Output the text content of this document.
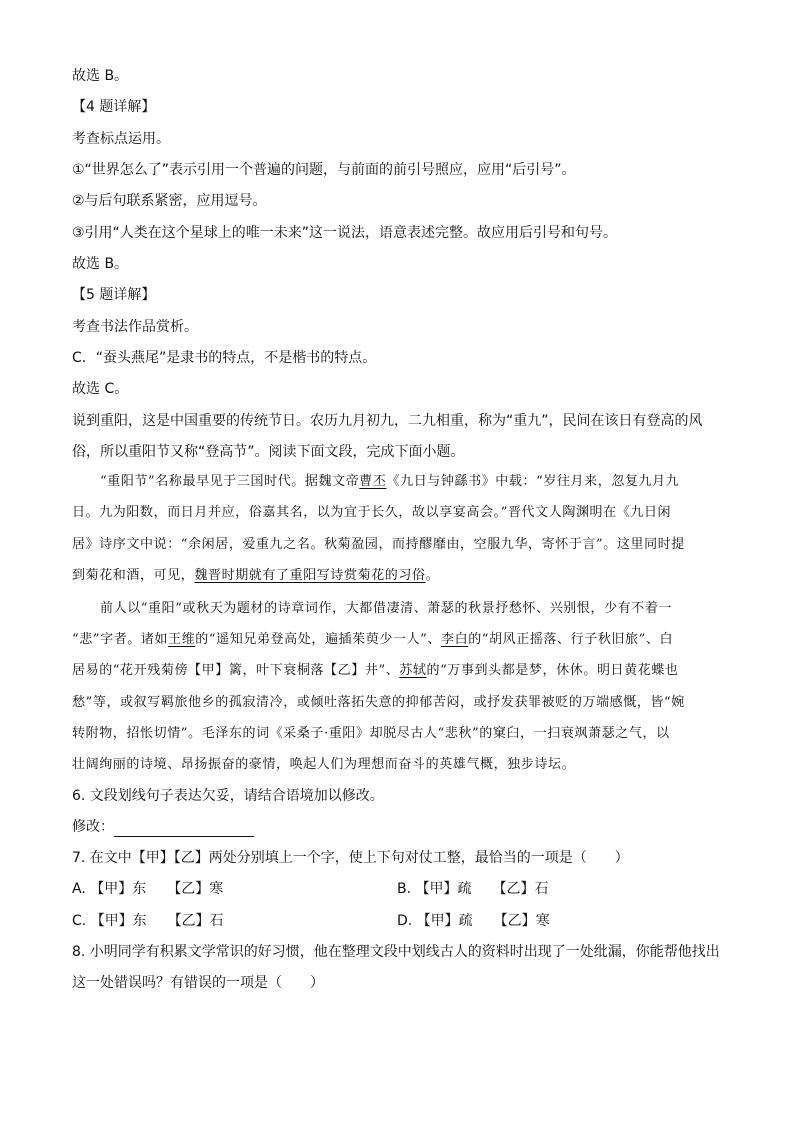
故选 B。
【4 题详解】
考查标点运用。
①“世界怎么了”表示引用一个普遍的问题，与前面的前引号照应，应用“后引号”。
②与后句联系紧密，应用逗号。
③引用“人类在这个星球上的唯一未来”这一说法，语意表述完整。故应用后引号和句号。
故选 B。
【5 题详解】
考查书法作品赏析。
C．“蚕头燕尾”是隶书的特点，不是楷书的特点。
故选 C。
说到重阳，这是中国重要的传统节日。农历九月初九，二九相重，称为“重九”，民间在该日有登高的风
俗，所以重阳节又称“登高节”。阅读下面文段，完成下面小题。
“重阳节”名称最早见于三国时代。据魏文帝曹丕《九日与钟繇书》中载：“岁往月来，忽复九月九
日。九为阳数，而日月并应，俗嘉其名，以为宜于长久，故以享宴高会。”晋代文人陶渊明在《九日闲
居》诗序文中说：“余闲居，爱重九之名。秋菊盈园，而持醪靡由，空服九华，寄怀于言”。这里同时提
到菊花和酒，可见，魏晋时期就有了重阳写诗赏菊花的习俗。
前人以“重阳”或秋天为题材的诗章词作，大都借凄清、萧瑟的秋景抒愁怀、兴别恨，少有不着一
“悲”字者。诸如王维的“遥知兄弟登高处，遍插茱萸少一人”、李白的“胡风正摇落、行子秋旧旅”、白
居易的“花开残菊傍【甲】篱，叶下衰桐落【乙】井”、苏轼的“万事到头都是梦，休休。明日黄花蝶也
愁”等，或叙写羁旅他乡的孤寂清冷，或倾吐落拓失意的抑郁苦闷，或抒发获罪被贬的万端感慨，皆“婉
转附物，招怅切情”。毛泽东的词《采桑子·重阳》却脱尽古人“悲秋”的窠臼，一扫衰飒萧瑟之气，以
壮阔绚丽的诗境、昂扬振奋的豪情，唤起人们为理想而奋斗的英雄气概，独步诗坛。
6. 文段划线句子表达欠妥，请结合语境加以修改。
修改：
7. 在文中【甲】【乙】两处分别填上一个字，使上下句对仗工整，最恰当的一项是（　　）
A. 【甲】东　　【乙】寒	B. 【甲】疏　　【乙】石
C. 【甲】东　　【乙】石	D. 【甲】疏　　【乙】寒
8. 小明同学有积累文学常识的好习惯，他在整理文段中划线古人的资料时出现了一处纰漏，你能帮他找出
这一处错误吗？有错误的一项是（　　）
